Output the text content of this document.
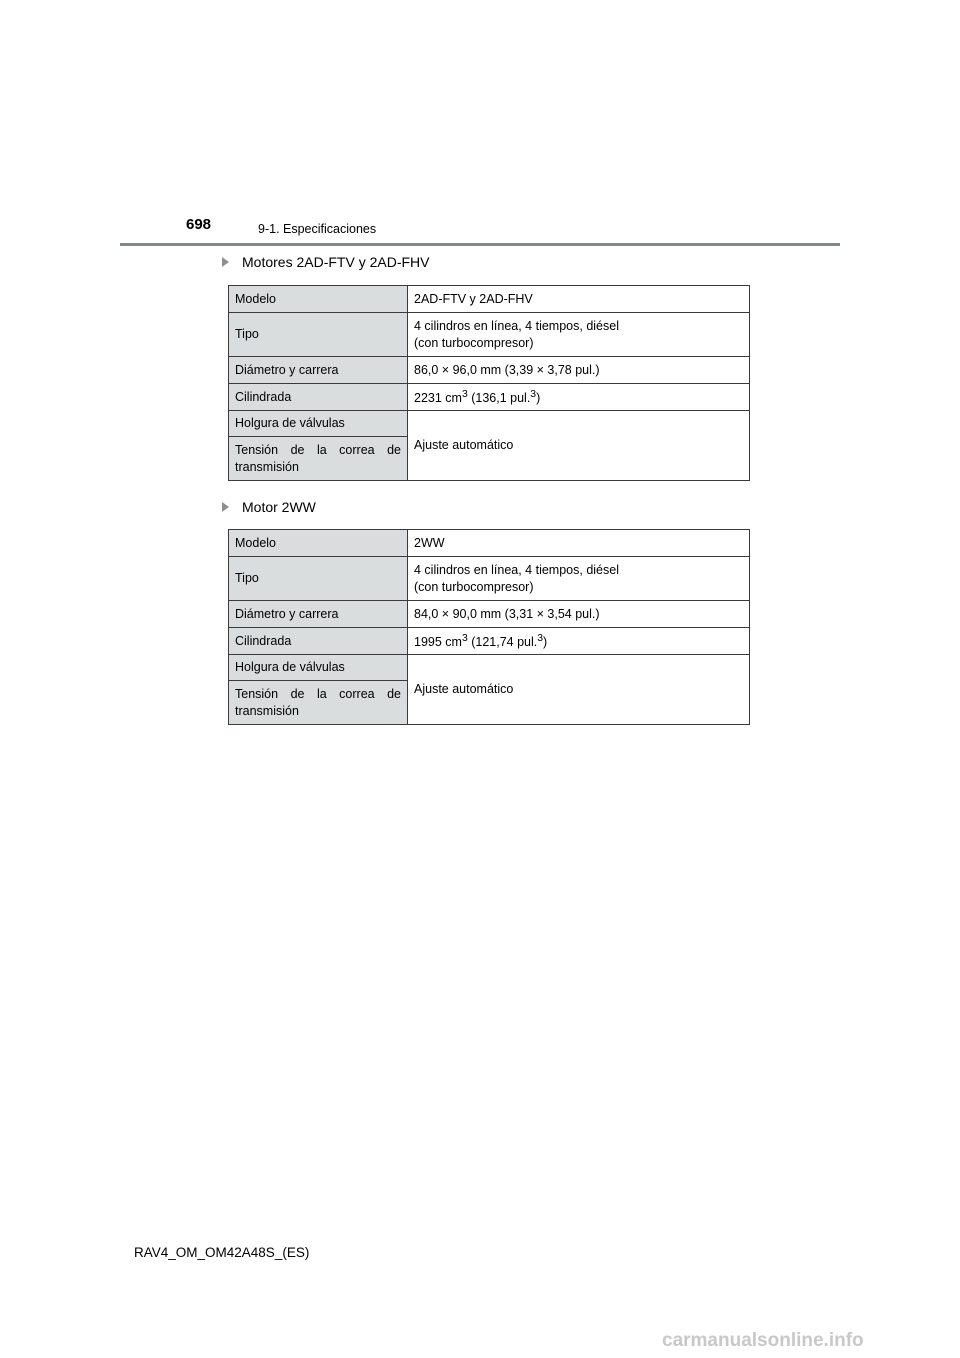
698	9-1. Especificaciones
Motores 2AD-FTV y 2AD-FHV
Modelo	2AD-FTV y 2AD-FHV
Tipo	4 cilindros en línea, 4 tiempos, diésel
(con turbocompresor)

Diámetro y carrera	86,0 × 96,0 mm (3,39 × 3,78 pul.)
Cilindrada	2231 $cm^3$ (136,1 pul.$^3$)
Holgura de válvulas	Ajuste automático
Tensión de la correa de transmisión	
Motor 2WW
Modelo	2WW
Tipo	4 cilindros en línea, 4 tiempos, diésel
(con turbocompresor)

Diámetro y carrera	84,0 × 90,0 mm (3,31 × 3,54 pul.)
Cilindrada	1995 $cm^3$ (121,74 pul.$^3$)
Holgura de válvulas	Ajuste automático
Tensión de la correa de transmisión	
RAV4_OM_OM42A48S_(ES)
carmanualsonline.info
